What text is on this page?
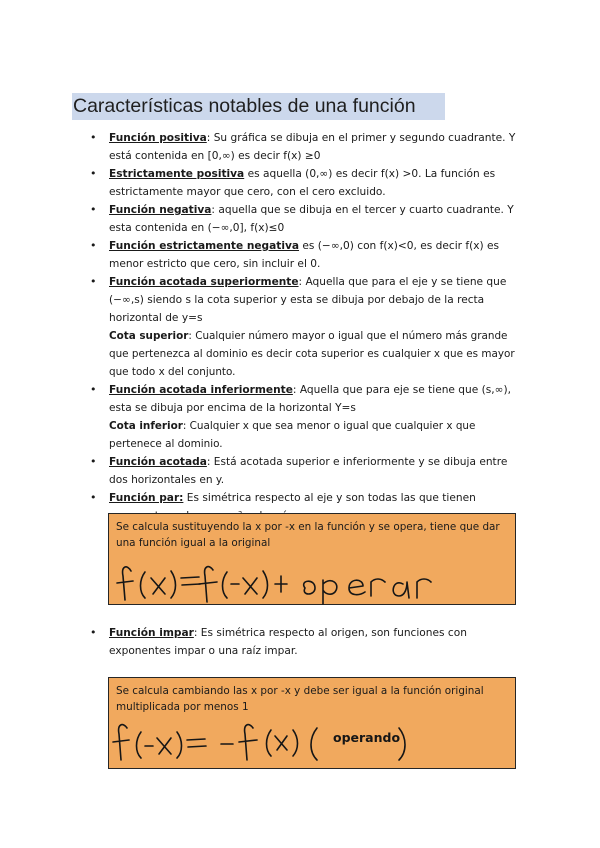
Características notables de una función
• Función positiva: Su gráfica se dibuja en el primer y segundo cuadrante. Y está contenida en [0,∞) es decir f(x) ≥0
• Estrictamente positiva es aquella (0,∞) es decir f(x) >0. La función es estrictamente mayor que cero, con el cero excluido.
• Función negativa: aquella que se dibuja en el tercer y cuarto cuadrante. Y esta contenida en (−∞,0], f(x)≤0
• Función estrictamente negativa es (−∞,0) con f(x)<0, es decir f(x) es menor estricto que cero, sin incluir el 0.
• Función acotada superiormente: Aquella que para el eje y se tiene que (−∞,s) siendo s la cota superior y esta se dibuja por debajo de la recta horizontal de y=s
Cota superior: Cualquier número mayor o igual que el número más grande que pertenezca al dominio es decir cota superior es cualquier x que es mayor que todo x del conjunto.
• Función acotada inferiormente: Aquella que para eje se tiene que (s,∞), esta se dibuja por encima de la horizontal Y=s
Cota inferior: Cualquier x que sea menor o igual que cualquier x que pertenece al dominio.
• Función acotada: Está acotada superior e inferiormente y se dibuja entre dos horizontales en y.
• Función par: Es simétrica respecto al eje y son todas las que tienen
Se calcula sustituyendo la x por -x en la función y se opera, tiene que dar una función igual a la original
• Función impar: Es simétrica respecto al origen, son funciones con exponentes impar o una raíz impar.
Se calcula cambiando las x por -x y debe ser igual a la función original multiplicada por menos 1
operando
